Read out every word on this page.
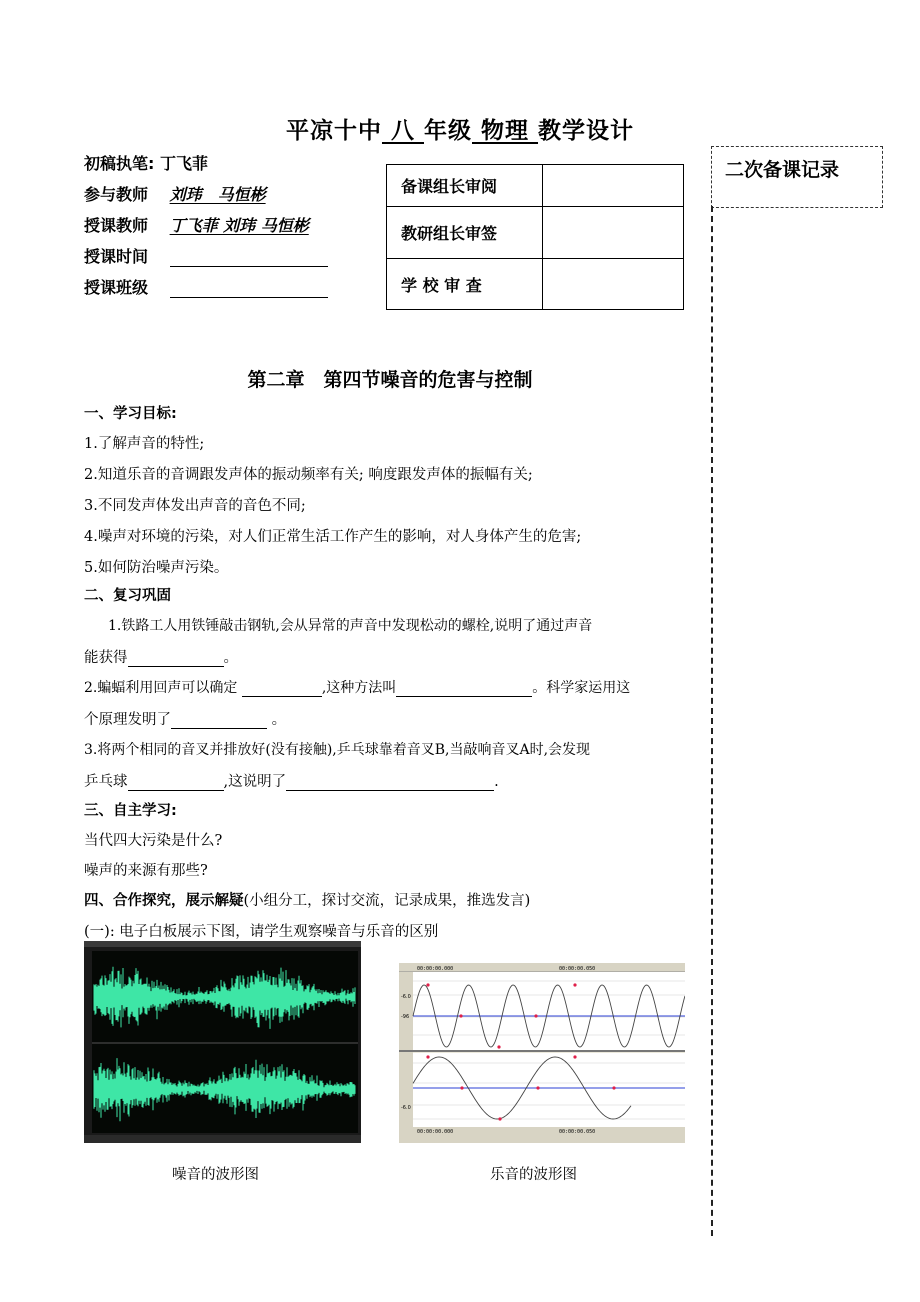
平凉十中 八 年级 物理 教学设计
初稿执笔: 丁飞菲
参与教师 刘玮　马恒彬
授课教师 丁飞菲 刘玮 马恒彬
授课时间
授课班级
备课组长审阅	
教研组长审签	
学 校 审 查	
二次备课记录
第二章　第四节噪音的危害与控制
一、学习目标:
1.了解声音的特性;
2.知道乐音的音调跟发声体的振动频率有关; 响度跟发声体的振幅有关;
3.不同发声体发出声音的音色不同;
4.噪声对环境的污染，对人们正常生活工作产生的影响，对人身体产生的危害;
5.如何防治噪声污染。
二、复习巩固
1.铁路工人用铁锤敲击钢轨,会从异常的声音中发现松动的螺栓,说明了通过声音
能获得	。
2.蝙蝠利用回声可以确定	,这种方法叫	。科学家运用这
个原理发明了	。
3.将两个相同的音叉并排放好(没有接触),乒乓球靠着音叉B,当敲响音叉A时,会发现
乒乓球	,这说明了	.
三、自主学习:
当代四大污染是什么?
噪声的来源有那些?
四、合作探究，展示解疑(小组分工，探讨交流，记录成果，推选发言)
(一): 电子白板展示下图，请学生观察噪音与乐音的区别
00:00:00.000	00:00:00.050
-6.0
-96
-6.0
00:00:00.000	00:00:00.050
噪音的波形图	乐音的波形图
